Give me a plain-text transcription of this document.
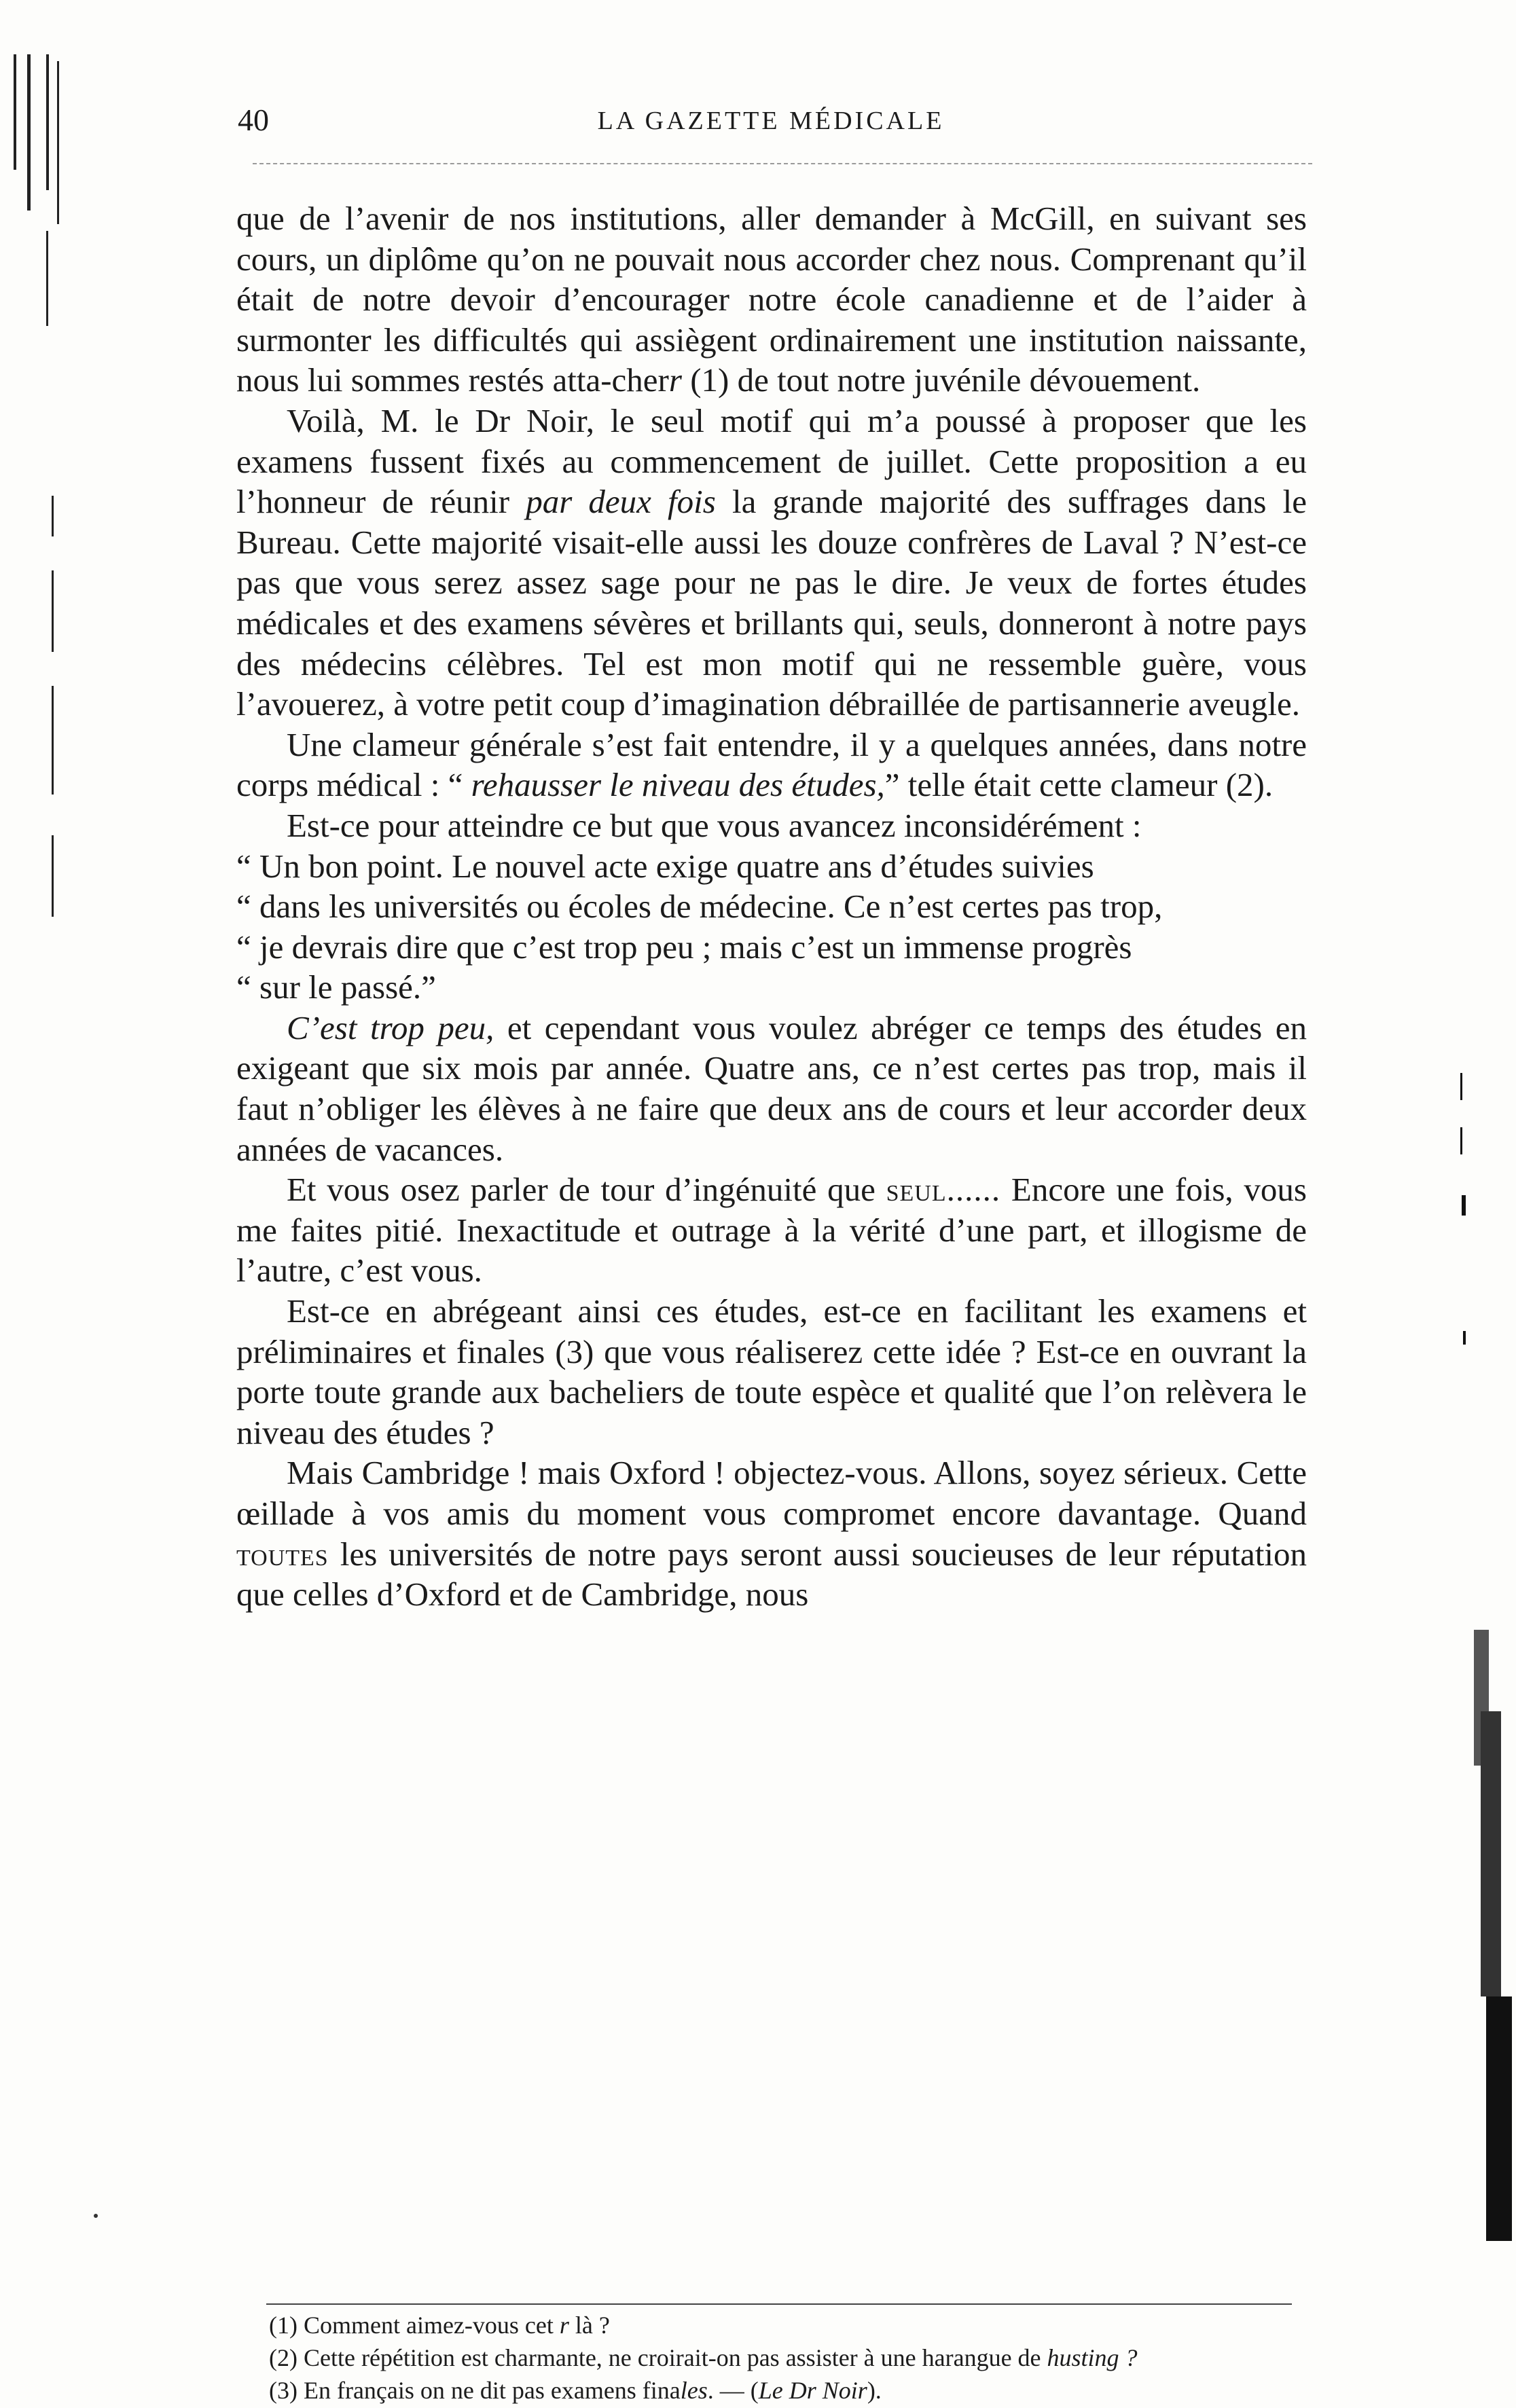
40	LA GAZETTE MÉDICALE

que de l’avenir de nos institutions, aller demander à McGill, en suivant ses cours, un diplôme qu’on ne pouvait nous accorder chez nous. Comprenant qu’il était de notre devoir d’encourager notre école canadienne et de l’aider à surmonter les difficultés qui assiègent ordinairement une institution naissante, nous lui sommes restés atta-cherr (1) de tout notre juvénile dévouement.

Voilà, M. le Dr Noir, le seul motif qui m’a poussé à proposer que les examens fussent fixés au commencement de juillet. Cette proposition a eu l’honneur de réunir par deux fois la grande majorité des suffrages dans le Bureau. Cette majorité visait-elle aussi les douze confrères de Laval ? N’est-ce pas que vous serez assez sage pour ne pas le dire. Je veux de fortes études médicales et des examens sévères et brillants qui, seuls, donneront à notre pays des médecins célèbres. Tel est mon motif qui ne ressemble guère, vous l’avouerez, à votre petit coup d’imagination débraillée de partisannerie aveugle.

Une clameur générale s’est fait entendre, il y a quelques années, dans notre corps médical : “ rehausser le niveau des études,” telle était cette clameur (2).

Est-ce pour atteindre ce but que vous avancez inconsidérément :

“ Un bon point. Le nouvel acte exige quatre ans d’études suivies

“ dans les universités ou écoles de médecine. Ce n’est certes pas trop,

“ je devrais dire que c’est trop peu ; mais c’est un immense progrès

“ sur le passé.”

C’est trop peu, et cependant vous voulez abréger ce temps des études en exigeant que six mois par année. Quatre ans, ce n’est certes pas trop, mais il faut n’obliger les élèves à ne faire que deux ans de cours et leur accorder deux années de vacances.

Et vous osez parler de tour d’ingénuité que seul...... Encore une fois, vous me faites pitié. Inexactitude et outrage à la vérité d’une part, et illogisme de l’autre, c’est vous.

Est-ce en abrégeant ainsi ces études, est-ce en facilitant les examens et préliminaires et finales (3) que vous réaliserez cette idée ? Est-ce en ouvrant la porte toute grande aux bacheliers de toute espèce et qualité que l’on relèvera le niveau des études ?

Mais Cambridge ! mais Oxford ! objectez-vous. Allons, soyez sérieux. Cette œillade à vos amis du moment vous compromet encore davantage. Quand toutes les universités de notre pays seront aussi soucieuses de leur réputation que celles d’Oxford et de Cambridge, nous

(1) Comment aimez-vous cet r là ?

(2) Cette répétition est charmante, ne croirait-on pas assister à une harangue de husting ?

(3) En français on ne dit pas examens finales. — (Le Dr Noir).
